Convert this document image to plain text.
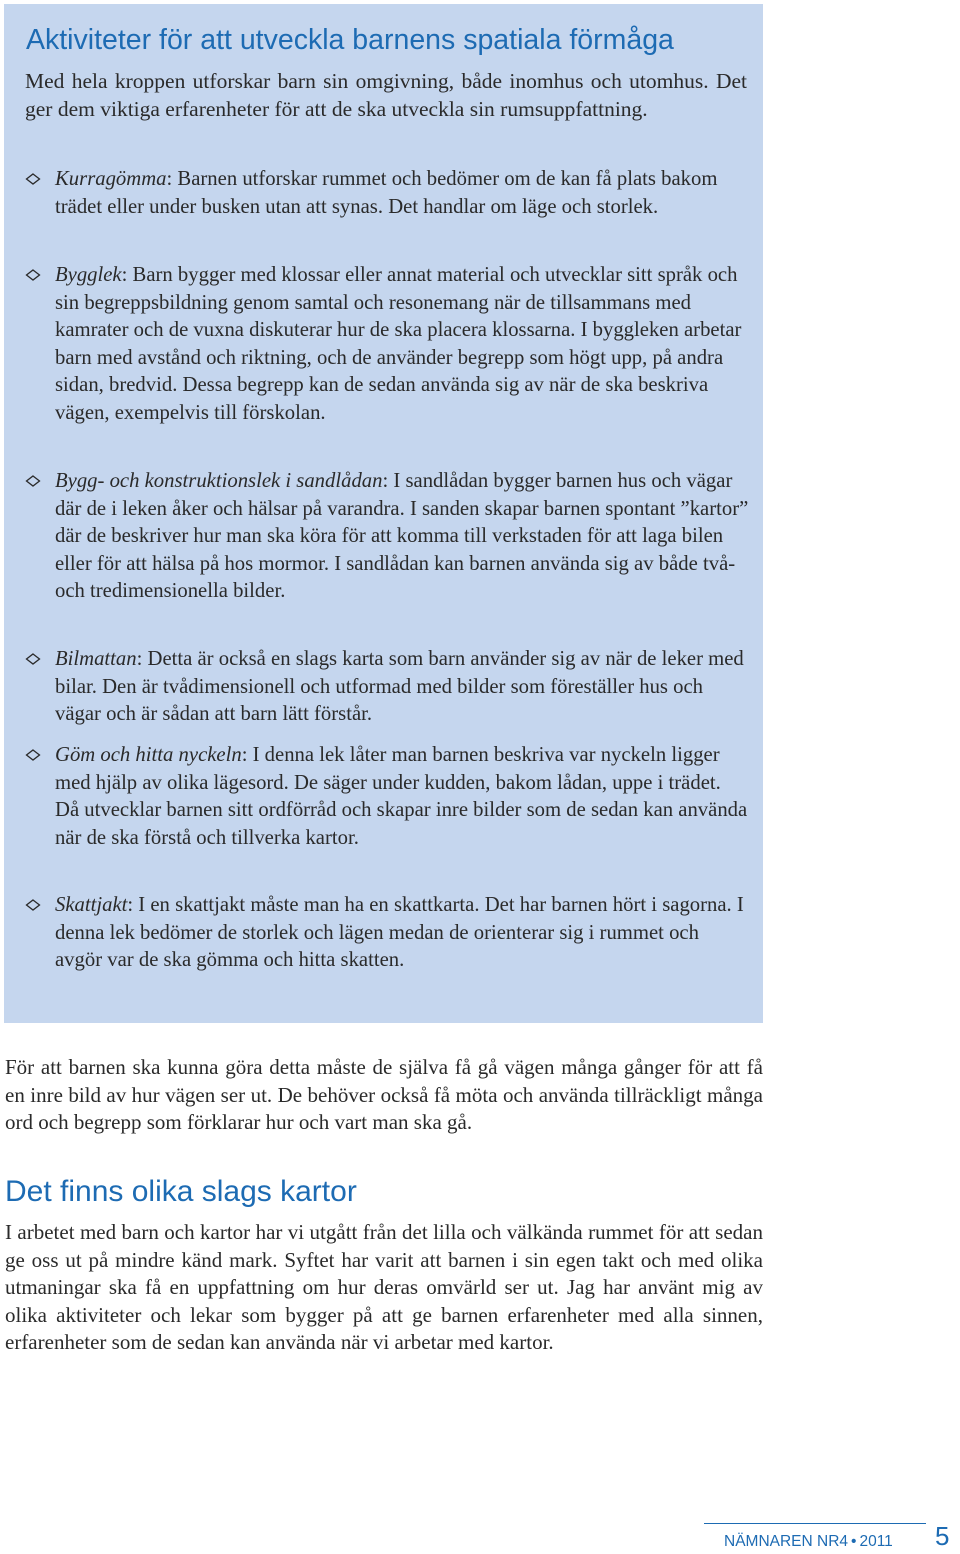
Aktiviteter för att utveckla barnens spatiala förmåga

Med hela kroppen utforskar barn sin omgivning, både inomhus och utomhus. Det ger dem viktiga erfarenheter för att de ska utveckla sin rumsuppfattning.

Kurragömma: Barnen utforskar rummet och bedömer om de kan få plats bakom trädet eller under busken utan att synas. Det handlar om läge och storlek.
Bygglek: Barn bygger med klossar eller annat material och utvecklar sitt språk och sin begreppsbildning genom samtal och resonemang när de tillsammans med kamrater och de vuxna diskuterar hur de ska placera klossarna. I byggleken arbetar barn med avstånd och riktning, och de använder begrepp som högt upp, på andra sidan, bredvid. Dessa begrepp kan de sedan använda sig av när de ska beskriva vägen, exempelvis till förskolan.
Bygg- och konstruktionslek i sandlådan: I sandlådan bygger barnen hus och vägar där de i leken åker och hälsar på varandra. I sanden skapar barnen spontant ”kartor” där de beskriver hur man ska köra för att komma till verkstaden för att laga bilen eller för att hälsa på hos mormor. I sandlådan kan barnen använda sig av både två- och tredimensionella bilder.
Bilmattan: Detta är också en slags karta som barn använder sig av när de leker med bilar. Den är tvådimensionell och utformad med bilder som föreställer hus och vägar och är sådan att barn lätt förstår.
Göm och hitta nyckeln: I denna lek låter man barnen beskriva var nyckeln ligger med hjälp av olika lägesord. De säger under kudden, bakom lådan, uppe i trädet. Då utvecklar barnen sitt ordförråd och skapar inre bilder som de sedan kan använda när de ska förstå och tillverka kartor.
Skattjakt: I en skattjakt måste man ha en skattkarta. Det har barnen hört i sagorna. I denna lek bedömer de storlek och lägen medan de orienterar sig i rummet och avgör var de ska gömma och hitta skatten.

För att barnen ska kunna göra detta måste de själva få gå vägen många gånger för att få en inre bild av hur vägen ser ut. De behöver också få möta och använda tillräckligt många ord och begrepp som förklarar hur och vart man ska gå.

Det finns olika slags kartor

I arbetet med barn och kartor har vi utgått från det lilla och välkända rummet för att sedan ge oss ut på mindre känd mark. Syftet har varit att barnen i sin egen takt och med olika utmaningar ska få en uppfattning om hur deras omvärld ser ut. Jag har använt mig av olika aktiviteter och lekar som bygger på att ge barnen erfarenheter med alla sinnen, erfarenheter som de sedan kan använda när vi arbetar med kartor.

NÄMNAREN NR4 • 2011 5
